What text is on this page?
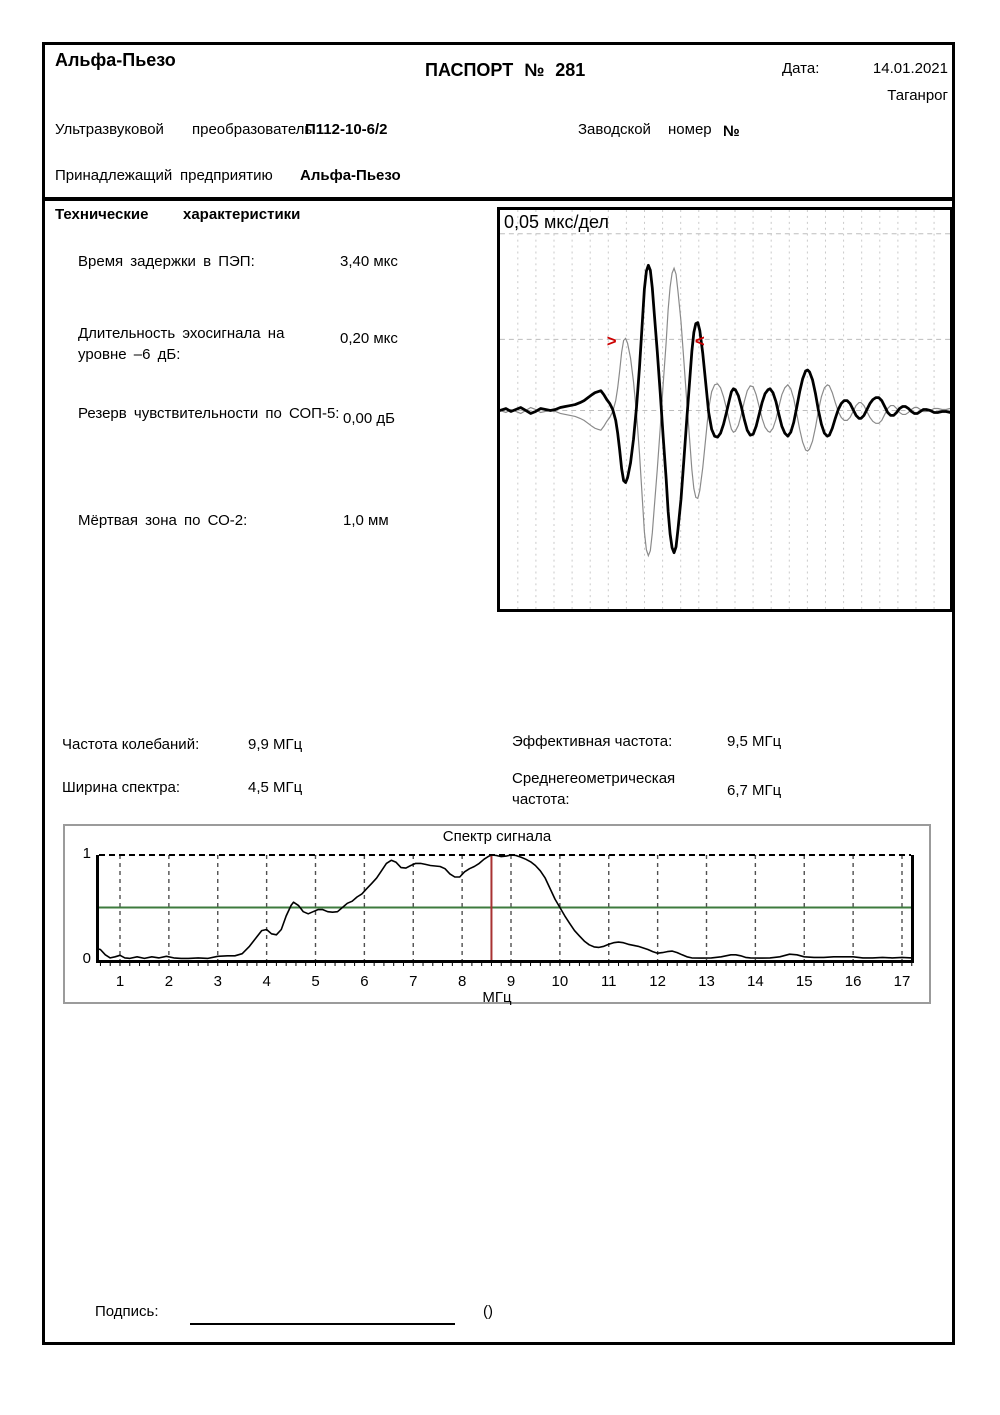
Альфа-Пьезо	ПАСПОРТ № 281	Дата:	14.01.2021
Таганрог
Ультразвуковой преобразователь
П112-10-6/2	Заводской номер №
Принадлежащий предприятию Альфа-Пьезо
Технические характеристики
Время задержки в ПЭП:	3,40 мкс
Длительность эхосигнала на уровне –6 дБ:
0,20 мкс
Резерв чувствительности по СОП-5: 0,00 дБ
Мёртвая зона по СО-2:	1,0 мм
>	<
0,05 мкс/дел
Частота колебаний:	9,9 МГц
Ширина спектра:	4,5 МГц
Эффективная частота:	9,5 МГц
Среднегеометрическая частота:
6,7 МГц
Спектр сигнала
1
0
1	2	3	4	5	6	7	8	9	10 11 12 13 14 15 16 17
МГц
Подпись:	()
